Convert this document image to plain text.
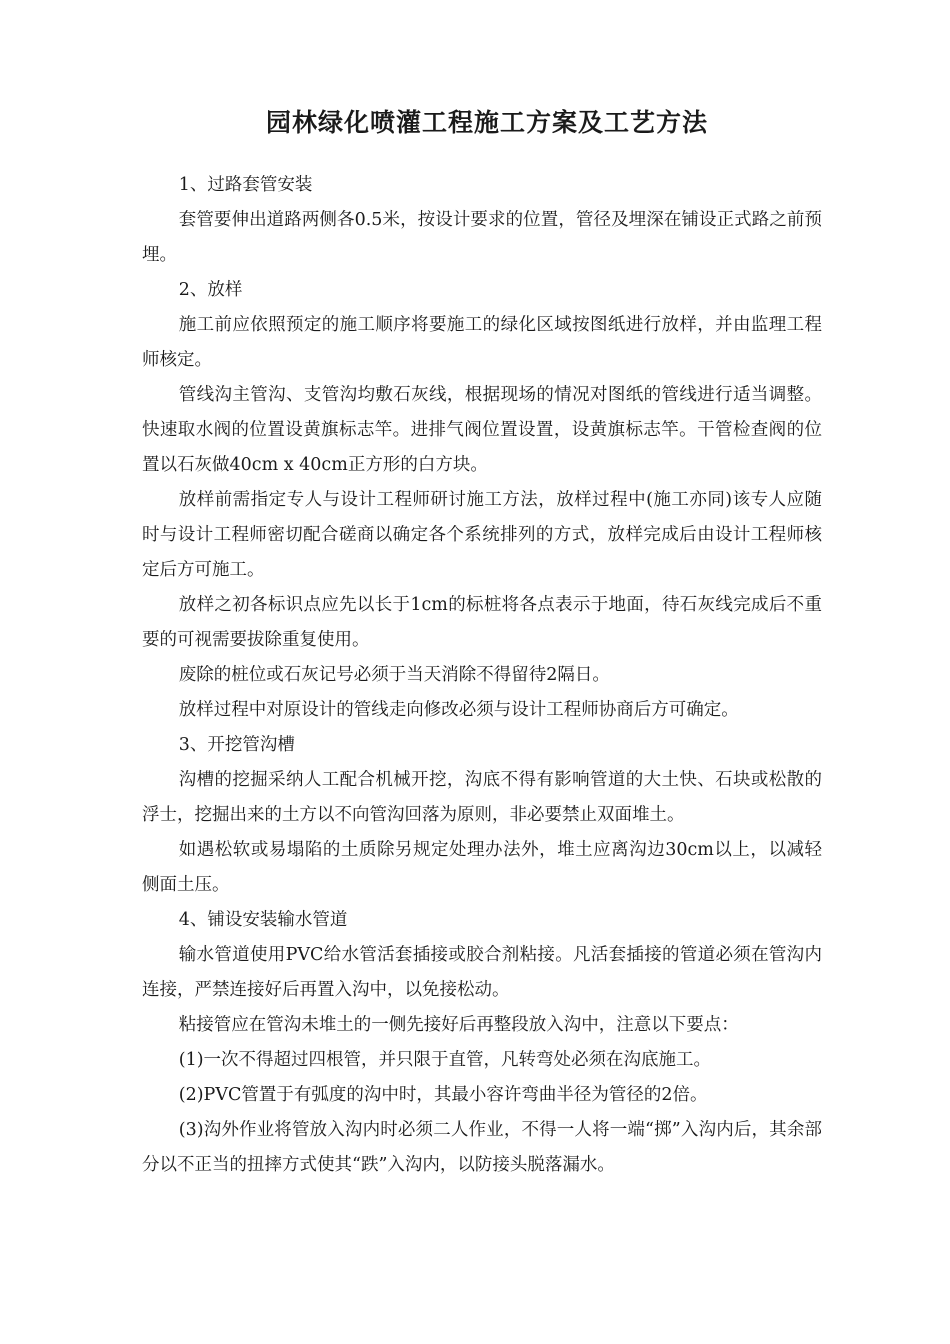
园林绿化喷灌工程施工方案及工艺方法

1、过路套管安装

套管要伸出道路两侧各0.5米，按设计要求的位置，管径及埋深在铺设正式路之前预埋。

2、放样

施工前应依照预定的施工顺序将要施工的绿化区域按图纸进行放样，并由监理工程师核定。

管线沟主管沟、支管沟均敷石灰线，根据现场的情况对图纸的管线进行适当调整。快速取水阀的位置设黄旗标志竿。进排气阀位置设置，设黄旗标志竿。干管检查阀的位置以石灰做40cm x 40cm正方形的白方块。

放样前需指定专人与设计工程师研讨施工方法，放样过程中(施工亦同)该专人应随时与设计工程师密切配合磋商以确定各个系统排列的方式，放样完成后由设计工程师核定后方可施工。

放样之初各标识点应先以长于1cm的标桩将各点表示于地面，待石灰线完成后不重要的可视需要拔除重复使用。

废除的桩位或石灰记号必须于当天消除不得留待2隔日。

放样过程中对原设计的管线走向修改必须与设计工程师协商后方可确定。

3、开挖管沟槽

沟槽的挖掘采纳人工配合机械开挖，沟底不得有影响管道的大土快、石块或松散的浮士，挖掘出来的土方以不向管沟回落为原则，非必要禁止双面堆土。

如遇松软或易塌陷的土质除另规定处理办法外，堆土应离沟边30cm以上，以减轻侧面土压。

4、铺设安装输水管道

输水管道使用PVC给水管活套插接或胶合剂粘接。凡活套插接的管道必须在管沟内连接，严禁连接好后再置入沟中，以免接松动。

粘接管应在管沟未堆土的一侧先接好后再整段放入沟中，注意以下要点：

(1)一次不得超过四根管，并只限于直管，凡转弯处必须在沟底施工。

(2)PVC管置于有弧度的沟中时，其最小容许弯曲半径为管径的2倍。

(3)沟外作业将管放入沟内时必须二人作业，不得一人将一端“掷”入沟内后，其余部分以不正当的扭摔方式使其“跌”入沟内，以防接头脱落漏水。
